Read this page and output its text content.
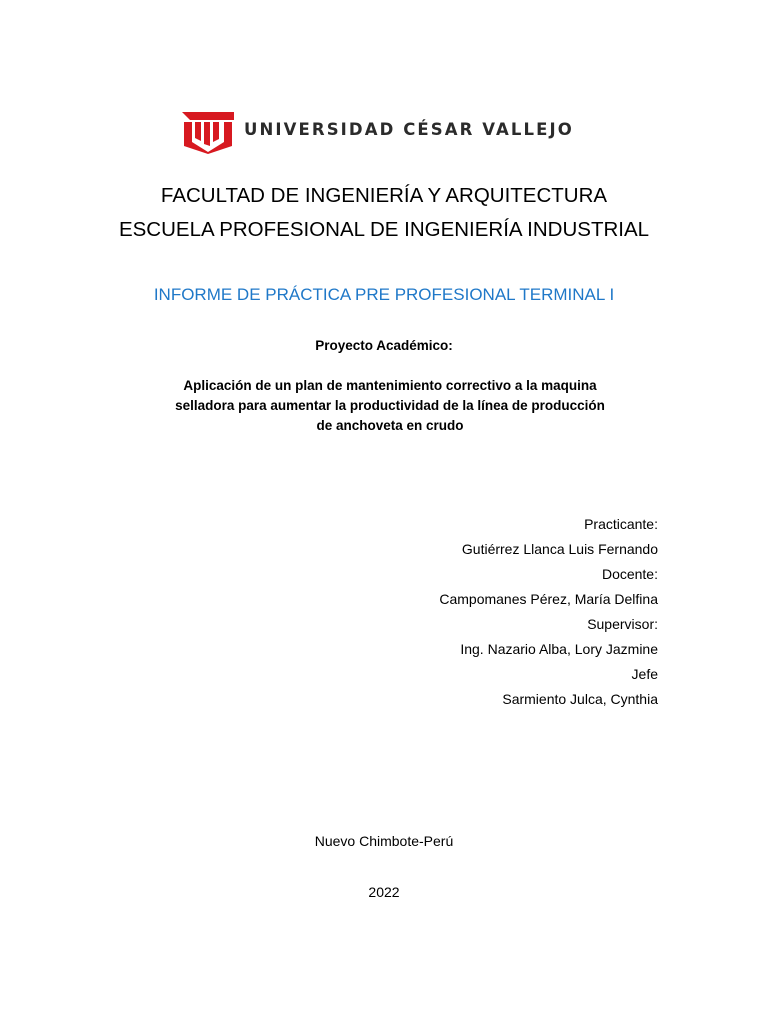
UNIVERSIDAD CÉSAR VALLEJO
FACULTAD DE INGENIERÍA Y ARQUITECTURA
ESCUELA PROFESIONAL DE INGENIERÍA INDUSTRIAL
INFORME DE PRÁCTICA PRE PROFESIONAL TERMINAL I
Proyecto Académico:
Aplicación de un plan de mantenimiento correctivo a la maquina
selladora para aumentar la productividad de la línea de producción
de anchoveta en crudo
Practicante:
Gutiérrez Llanca Luis Fernando
Docente:
Campomanes Pérez, María Delfina
Supervisor:
Ing. Nazario Alba, Lory Jazmine
Jefe
Sarmiento Julca, Cynthia
Nuevo Chimbote-Perú
2022
